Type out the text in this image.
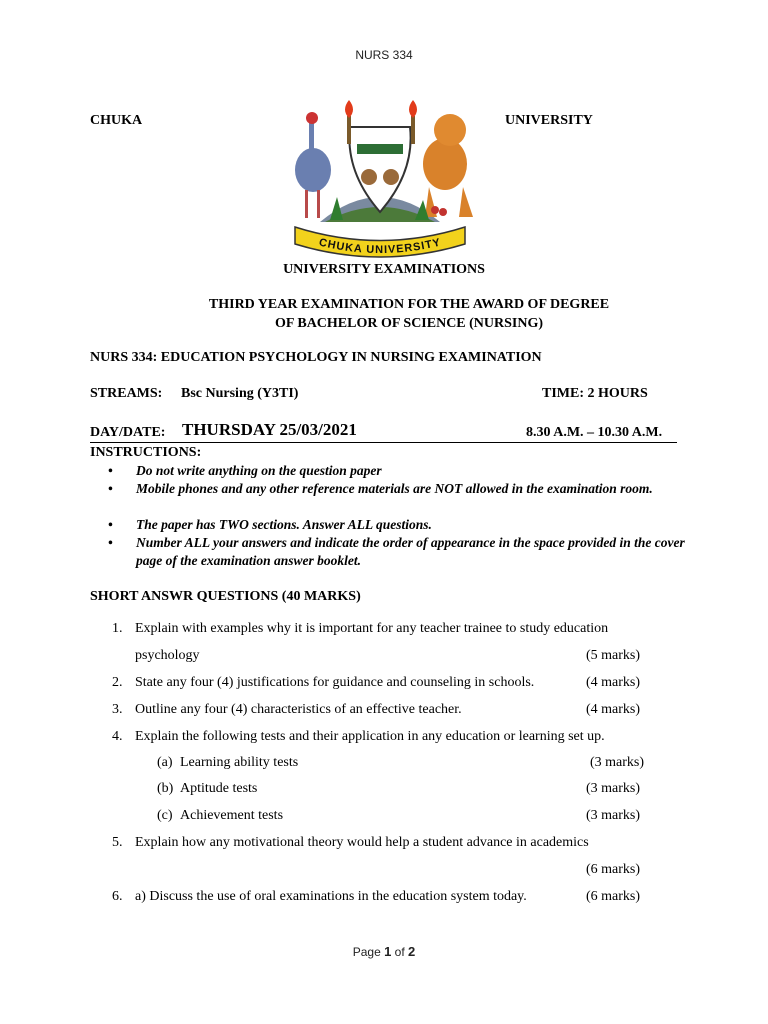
NURS 334
CHUKA	UNIVERSITY
CHUKA UNIVERSITY
UNIVERSITY EXAMINATIONS
THIRD YEAR EXAMINATION FOR THE AWARD OF DEGREE
OF BACHELOR OF SCIENCE (NURSING)
NURS 334: EDUCATION PSYCHOLOGY IN NURSING EXAMINATION
STREAMS: Bsc Nursing (Y3TI)	TIME: 2 HOURS
DAY/DATE: THURSDAY 25/03/2021	8.30 A.M. – 10.30 A.M.
INSTRUCTIONS:
• Do not write anything on the question paper
• Mobile phones and any other reference materials are NOT allowed in the examination room.
• The paper has TWO sections. Answer ALL questions.
• Number ALL your answers and indicate the order of appearance in the space provided in the cover page of the examination answer booklet.
SHORT ANSWR QUESTIONS (40 MARKS)
1. Explain with examples why it is important for any teacher trainee to study education
psychology	(5 marks)
2. State any four (4) justifications for guidance and counseling in schools.	(4 marks)
3. Outline any four (4) characteristics of an effective teacher.	(4 marks)
4. Explain the following tests and their application in any education or learning set up.
(a) Learning ability tests	(3 marks)
(b) Aptitude tests	(3 marks)
(c) Achievement tests	(3 marks)
5. Explain how any motivational theory would help a student advance in academics
(6 marks)
6. a) Discuss the use of oral examinations in the education system today.	(6 marks)
Page 1 of 2
